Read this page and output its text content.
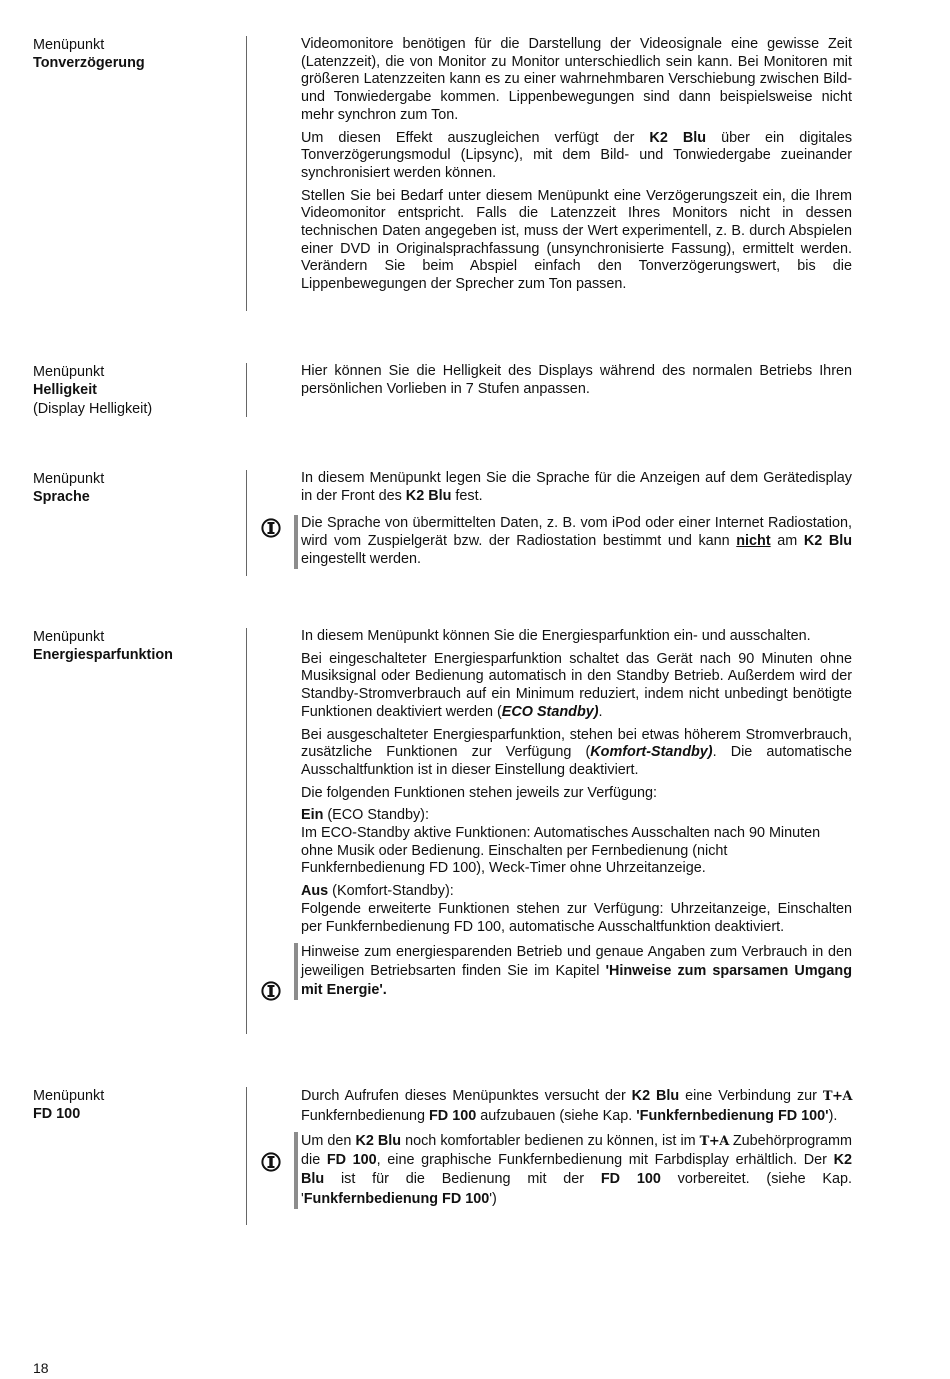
Menüpunkt
Tonverzögerung

Videomonitore benötigen für die Darstellung der Videosignale eine gewisse Zeit (Latenzzeit), die von Monitor zu Monitor unterschiedlich sein kann. Bei Monitoren mit größeren Latenzzeiten kann es zu einer wahrnehmbaren Verschiebung zwischen Bild- und Tonwiedergabe kommen. Lippenbewegungen sind dann beispielsweise nicht mehr synchron zum Ton.

Um diesen Effekt auszugleichen verfügt der K2 Blu über ein digitales Tonverzögerungsmodul (Lipsync), mit dem Bild- und Tonwiedergabe zueinander synchronisiert werden können.

Stellen Sie bei Bedarf unter diesem Menüpunkt eine Verzögerungszeit ein, die Ihrem Videomonitor entspricht. Falls die Latenzzeit Ihres Monitors nicht in dessen technischen Daten angegeben ist, muss der Wert experimentell, z. B. durch Abspielen einer DVD in Originalsprachfassung (unsynchronisierte Fassung), ermittelt werden. Verändern Sie beim Abspiel einfach den Tonverzögerungswert, bis die Lippenbewegungen der Sprecher zum Ton passen.

Menüpunkt
Helligkeit
(Display Helligkeit)

Hier können Sie die Helligkeit des Displays während des normalen Betriebs Ihren persönlichen Vorlieben in 7 Stufen anpassen.

Menüpunkt
Sprache

In diesem Menüpunkt legen Sie die Sprache für die Anzeigen auf dem Gerätedisplay in der Front des K2 Blu fest.

Die Sprache von übermittelten Daten, z. B. vom iPod oder einer Internet Radiostation, wird vom Zuspielgerät bzw. der Radiostation bestimmt und kann nicht am K2 Blu eingestellt werden.

Menüpunkt
Energiesparfunktion

In diesem Menüpunkt können Sie die Energiesparfunktion ein- und ausschalten.

Bei eingeschalteter Energiesparfunktion schaltet das Gerät nach 90 Minuten ohne Musiksignal oder Bedienung automatisch in den Standby Betrieb. Außerdem wird der Standby-Stromverbrauch auf ein Minimum reduziert, indem nicht unbedingt benötigte Funktionen deaktiviert werden (ECO Standby).

Bei ausgeschalteter Energiesparfunktion, stehen bei etwas höherem Stromverbrauch, zusätzliche Funktionen zur Verfügung (Komfort-Standby). Die automatische Ausschaltfunktion ist in dieser Einstellung deaktiviert.

Die folgenden Funktionen stehen jeweils zur Verfügung:

Ein (ECO Standby):
Im ECO-Standby aktive Funktionen: Automatisches Ausschalten nach 90 Minuten ohne Musik oder Bedienung. Einschalten per Fernbedienung (nicht Funkfernbedienung FD 100), Weck-Timer ohne Uhrzeitanzeige.

Aus (Komfort-Standby):
Folgende erweiterte Funktionen stehen zur Verfügung: Uhrzeitanzeige, Einschalten per Funkfernbedienung FD 100, automatische Ausschaltfunktion deaktiviert.

Hinweise zum energiesparenden Betrieb und genaue Angaben zum Verbrauch in den jeweiligen Betriebsarten finden Sie im Kapitel 'Hinweise zum sparsamen Umgang mit Energie'.

Menüpunkt
FD 100

Durch Aufrufen dieses Menüpunktes versucht der K2 Blu eine Verbindung zur T+A Funkfernbedienung FD 100 aufzubauen (siehe Kap. 'Funkfernbedienung FD 100').

Um den K2 Blu noch komfortabler bedienen zu können, ist im T+A Zubehörprogramm die FD 100, eine graphische Funkfernbedienung mit Farbdisplay erhältlich. Der K2 Blu ist für die Bedienung mit der FD 100 vorbereitet. (siehe Kap. 'Funkfernbedienung FD 100')

18
